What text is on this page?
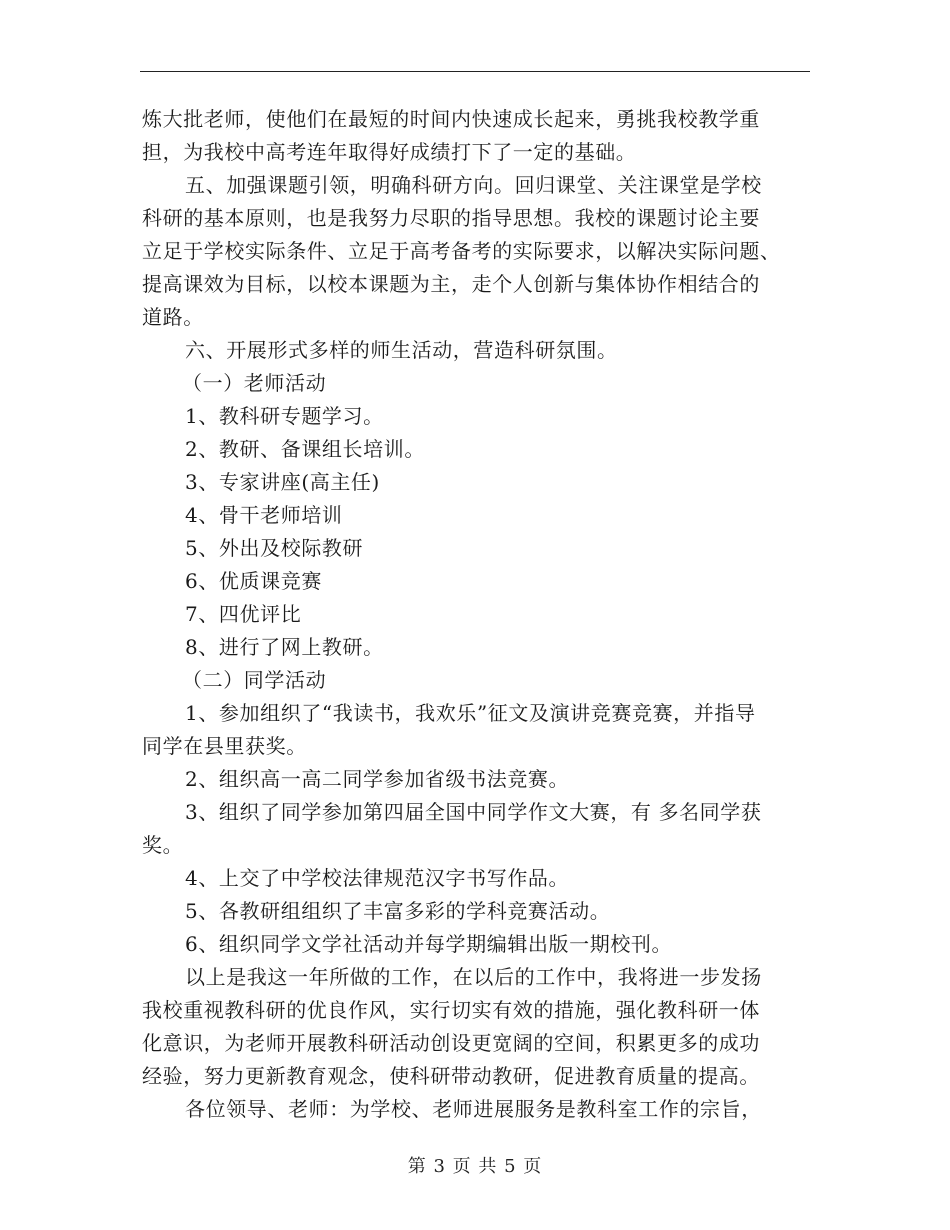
炼大批老师，使他们在最短的时间内快速成长起来，勇挑我校教学重
担，为我校中高考连年取得好成绩打下了一定的基础。
五、加强课题引领，明确科研方向。回归课堂、关注课堂是学校
科研的基本原则，也是我努力尽职的指导思想。我校的课题讨论主要
立足于学校实际条件、立足于高考备考的实际要求，以解决实际问题、
提高课效为目标，以校本课题为主，走个人创新与集体协作相结合的
道路。
六、开展形式多样的师生活动，营造科研氛围。
（一）老师活动
1、教科研专题学习。
2、教研、备课组长培训。
3、专家讲座(高主任)
4、骨干老师培训
5、外出及校际教研
6、优质课竞赛
7、四优评比
8、进行了网上教研。
（二）同学活动
1、参加组织了“我读书，我欢乐”征文及演讲竞赛竞赛，并指导
同学在县里获奖。
2、组织高一高二同学参加省级书法竞赛。
3、组织了同学参加第四届全国中同学作文大赛，有 多名同学获
奖。
4、上交了中学校法律规范汉字书写作品。
5、各教研组组织了丰富多彩的学科竞赛活动。
6、组织同学文学社活动并每学期编辑出版一期校刊。
以上是我这一年所做的工作，在以后的工作中，我将进一步发扬
我校重视教科研的优良作风，实行切实有效的措施，强化教科研一体
化意识，为老师开展教科研活动创设更宽阔的空间，积累更多的成功
经验，努力更新教育观念，使科研带动教研，促进教育质量的提高。
各位领导、老师：为学校、老师进展服务是教科室工作的宗旨，
第 3 页 共 5 页
